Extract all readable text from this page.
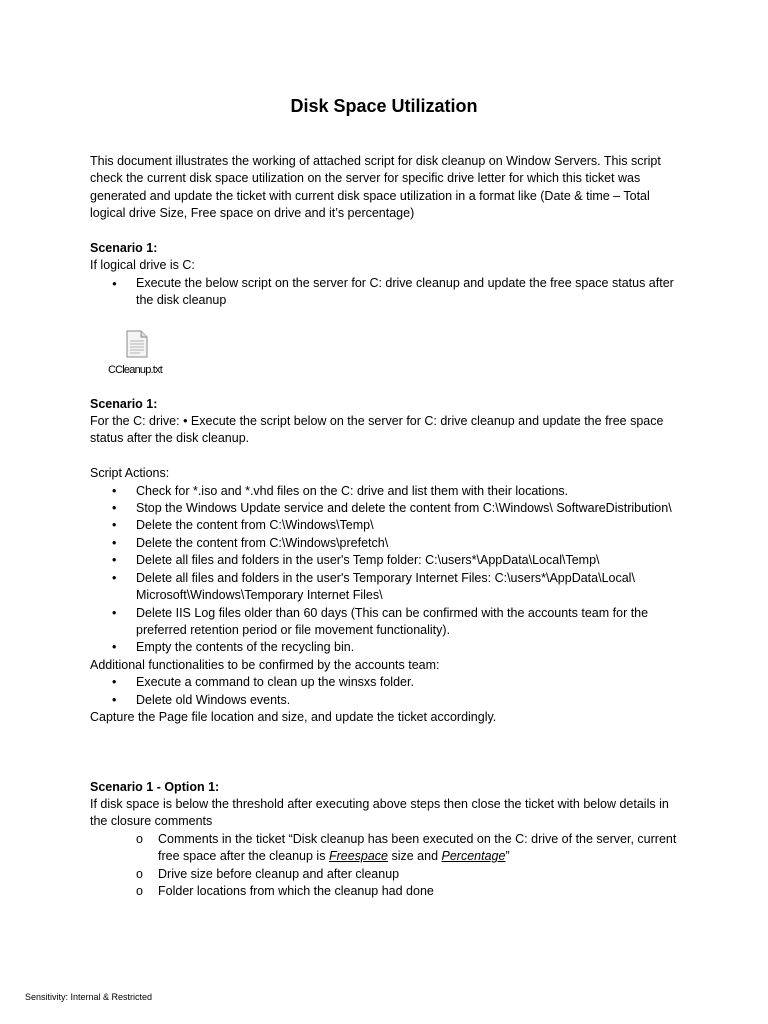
Disk Space Utilization

This document illustrates the working of attached script for disk cleanup on Window Servers. This script check the current disk space utilization on the server for specific drive letter for which this ticket was generated and update the ticket with current disk space utilization in a format like (Date & time – Total logical drive Size, Free space on drive and it’s percentage)

Scenario 1:

If logical drive is C:

● Execute the below script on the server for C: drive cleanup and update the free space status after the disk cleanup
CCleanup.txt

Scenario 1:

For the C: drive: • Execute the script below on the server for C: drive cleanup and update the free space status after the disk cleanup.

Script Actions:

• Check for *.iso and *.vhd files on the C: drive and list them with their locations.
• Stop the Windows Update service and delete the content from C:\Windows\ SoftwareDistribution\
• Delete the content from C:\Windows\Temp\
• Delete the content from C:\Windows\prefetch\
• Delete all files and folders in the user's Temp folder: C:\users*\AppData\Local\Temp\
• Delete all files and folders in the user's Temporary Internet Files: C:\users*\AppData\Local\ Microsoft\Windows\Temporary Internet Files\
• Delete IIS Log files older than 60 days (This can be confirmed with the accounts team for the preferred retention period or file movement functionality).
• Empty the contents of the recycling bin.

Additional functionalities to be confirmed by the accounts team:

• Execute a command to clean up the winsxs folder.
• Delete old Windows events.

Capture the Page file location and size, and update the ticket accordingly.

Scenario 1 - Option 1:

If disk space is below the threshold after executing above steps then close the ticket with below details in the closure comments

o Comments in the ticket “Disk cleanup has been executed on the C: drive of the server, current free space after the cleanup is Freespace size and Percentage”
o Drive size before cleanup and after cleanup
o Folder locations from which the cleanup had done
Sensitivity: Internal & Restricted
